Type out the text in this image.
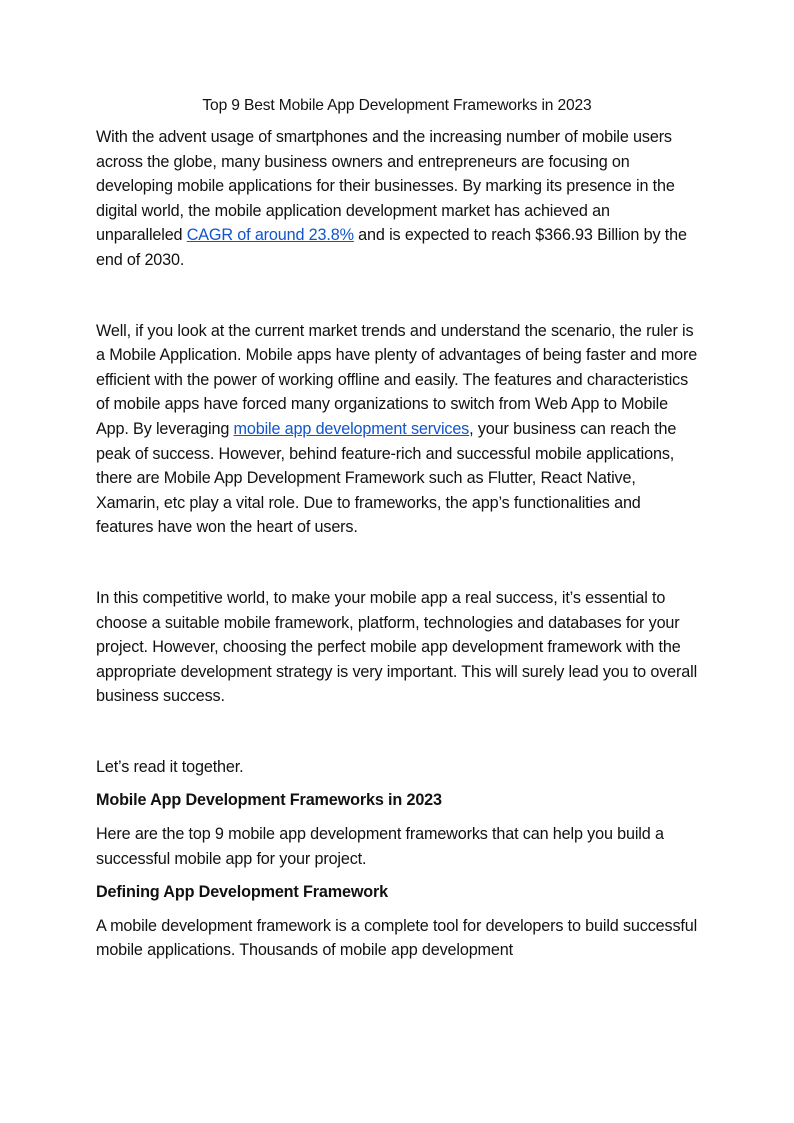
Top 9 Best Mobile App Development Frameworks in 2023

With the advent usage of smartphones and the increasing number of mobile users across the globe, many business owners and entrepreneurs are focusing on developing mobile applications for their businesses. By marking its presence in the digital world, the mobile application development market has achieved an unparalleled CAGR of around 23.8% and is expected to reach $366.93 Billion by the end of 2030.

Well, if you look at the current market trends and understand the scenario, the ruler is a Mobile Application. Mobile apps have plenty of advantages of being faster and more efficient with the power of working offline and easily. The features and characteristics of mobile apps have forced many organizations to switch from Web App to Mobile App. By leveraging mobile app development services, your business can reach the peak of success. However, behind feature-rich and successful mobile applications, there are Mobile App Development Framework such as Flutter, React Native, Xamarin, etc play a vital role. Due to frameworks, the app’s functionalities and features have won the heart of users.

In this competitive world, to make your mobile app a real success, it’s essential to choose a suitable mobile framework, platform, technologies and databases for your project. However, choosing the perfect mobile app development framework with the appropriate development strategy is very important. This will surely lead you to overall business success.

Let’s read it together.

Mobile App Development Frameworks in 2023

Here are the top 9 mobile app development frameworks that can help you build a successful mobile app for your project.

Defining App Development Framework

A mobile development framework is a complete tool for developers to build successful mobile applications. Thousands of mobile app development
